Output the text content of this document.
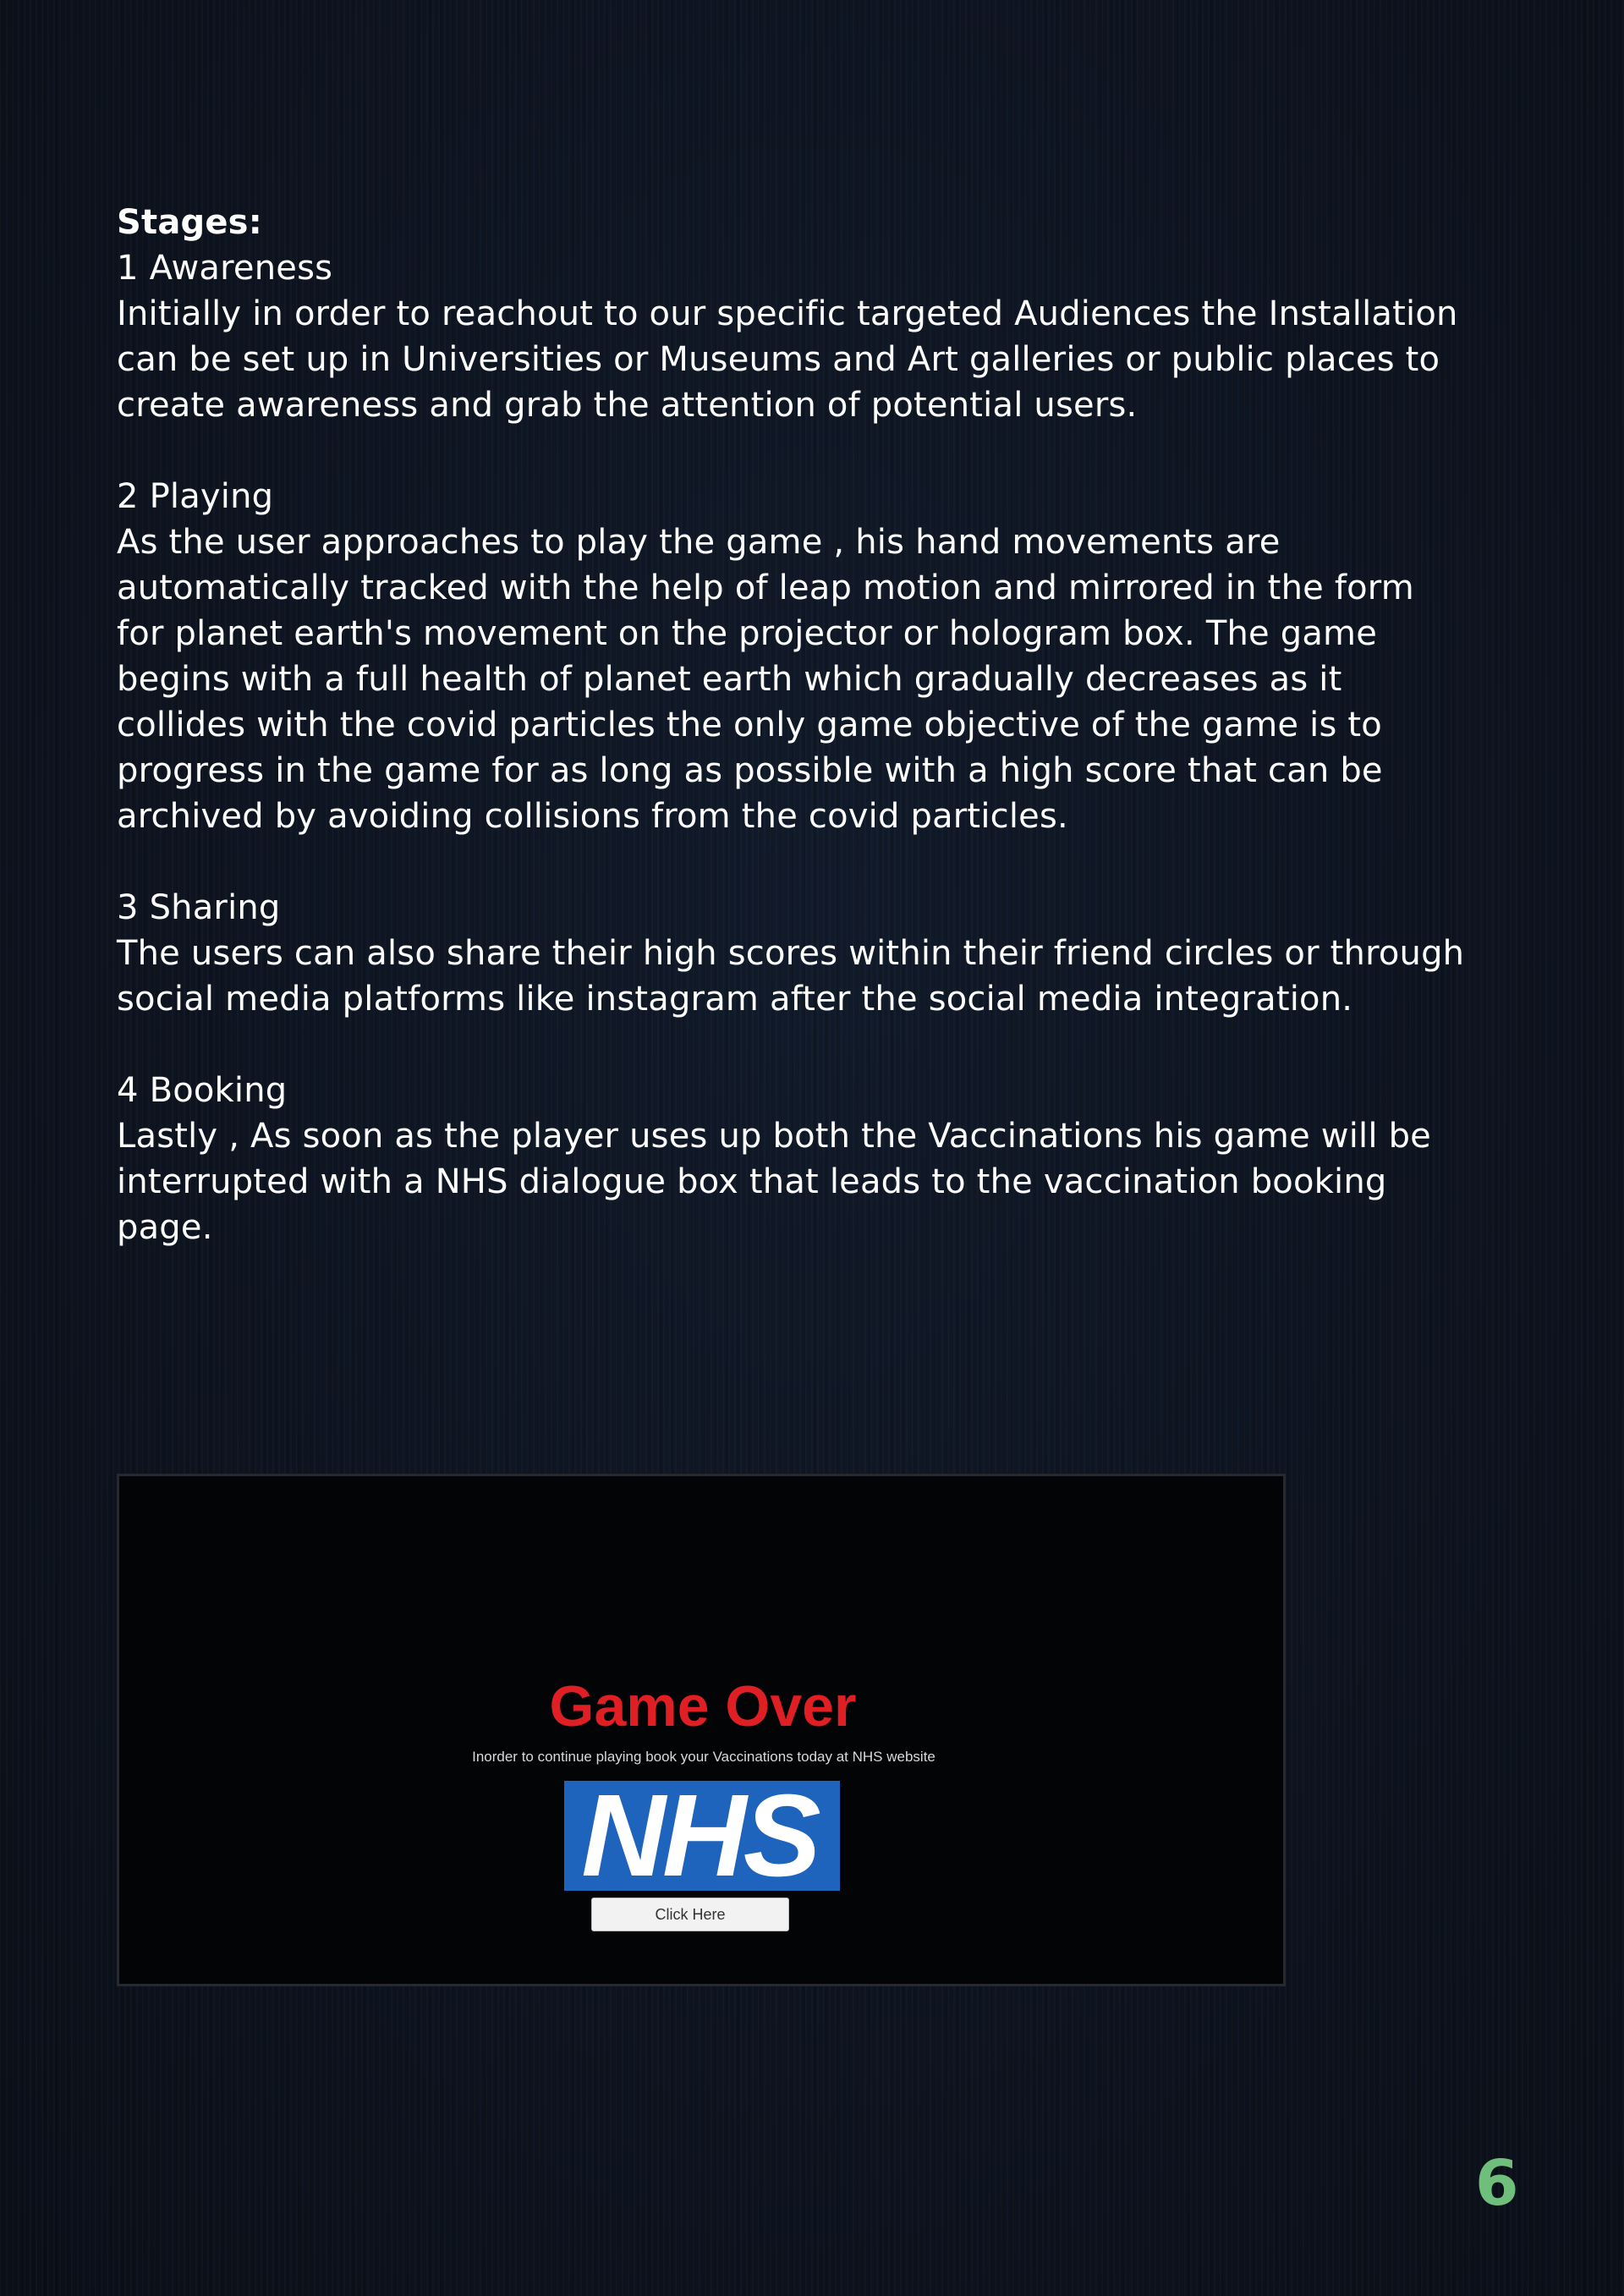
Stages:

1 Awareness

Initially in order to reachout to our specific targeted Audiences the Installation can be set up in Universities or Museums and Art galleries or public places to create awareness and grab the attention of potential users.

2 Playing

As the user approaches to play the game , his hand movements are automatically tracked with the help of leap motion and mirrored in the form for planet earth's movement on the projector or hologram box. The game begins with a full health of planet earth which gradually decreases as it collides with the covid particles the only game objective of the game is to progress in the game for as long as possible with a high score that can be archived by avoiding collisions from the covid particles.

3 Sharing

The users can also share their high scores within their friend circles or through social media platforms like instagram after the social media integration.

4 Booking

Lastly , As soon as the player uses up both the Vaccinations his game will be interrupted with a NHS dialogue box that leads to the vaccination booking page.

Game Over
Inorder to continue playing book your Vaccinations today at NHS website
NHS
Click Here
6
